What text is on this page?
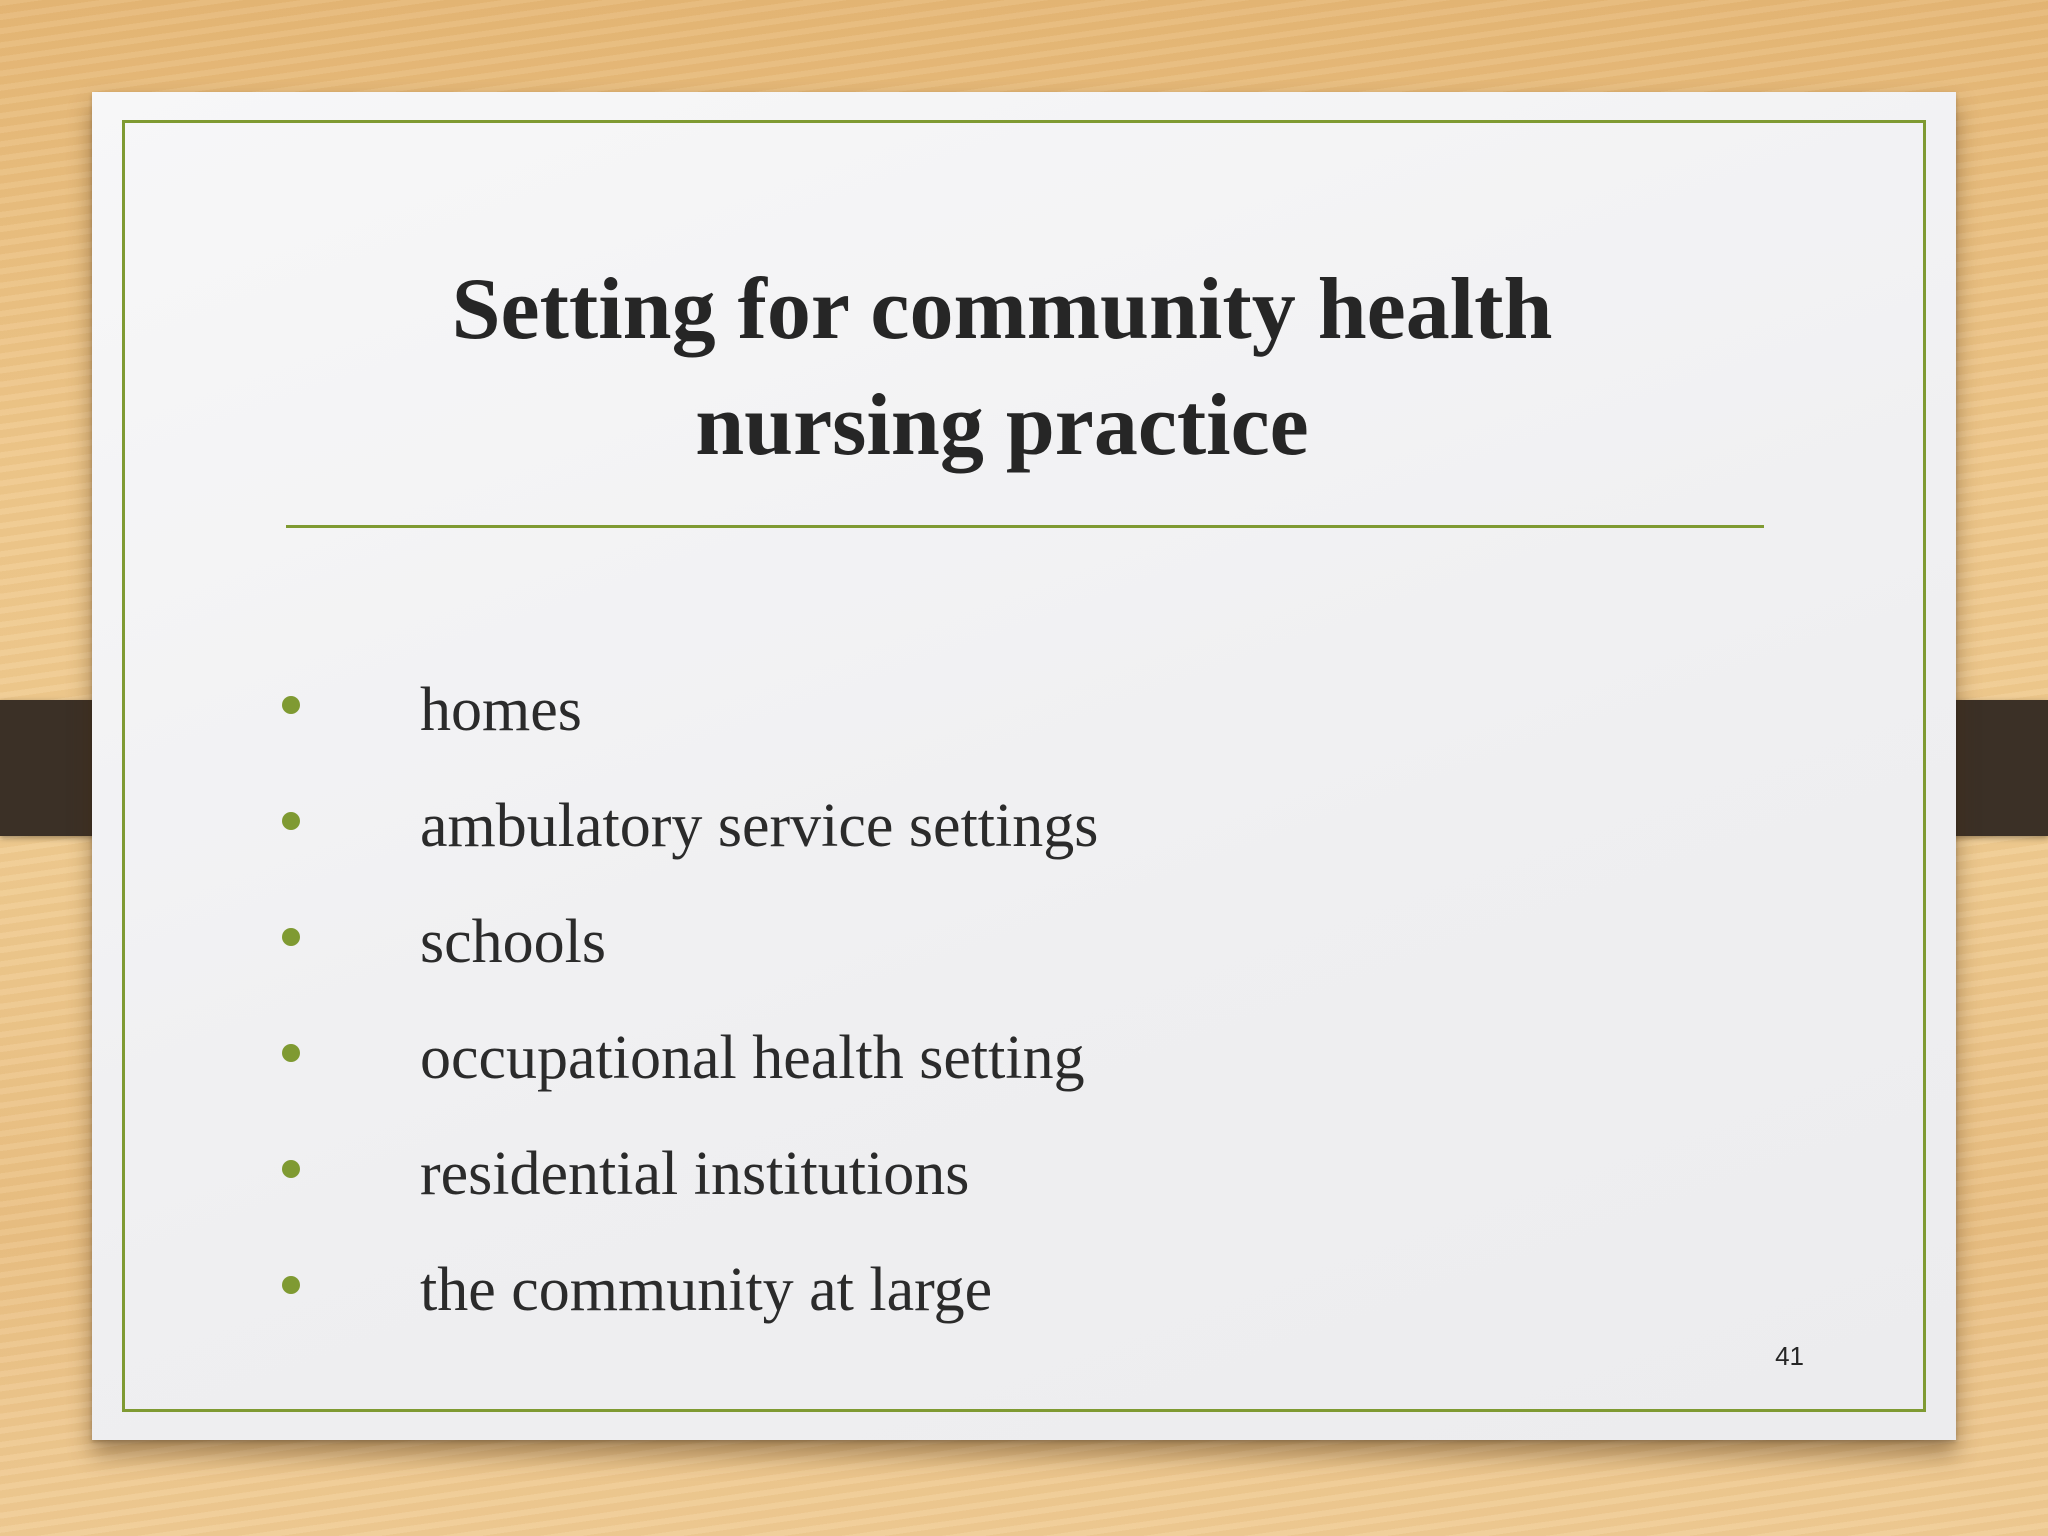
Setting for community health
nursing practice
homes
ambulatory service settings
schools
occupational health setting
residential institutions
the community at large
41
